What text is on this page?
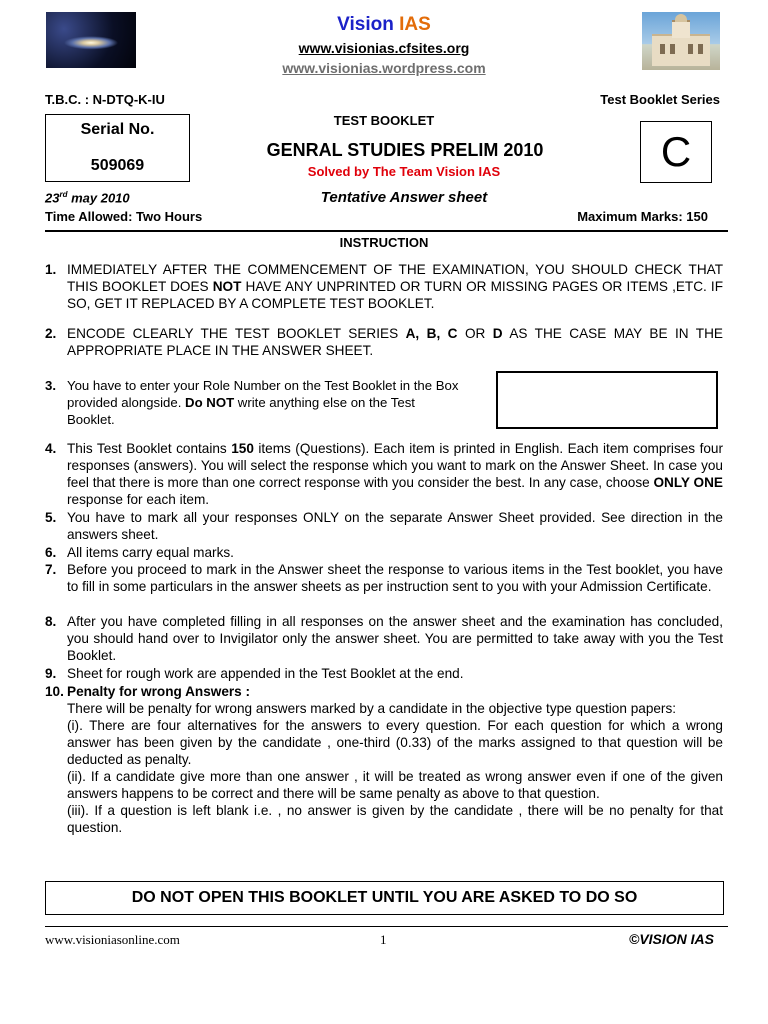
Vision IAS
www.visionias.cfsites.org
www.visionias.wordpress.com
T.B.C. : N-DTQ-K-IU	Test Booklet Series
Serial No.
509069
TEST BOOKLET
GENRAL STUDIES PRELIM 2010
Solved by The Team Vision IAS
Tentative Answer sheet
C
23rd may 2010
Time Allowed: Two Hours	Maximum Marks: 150
INSTRUCTION
1. IMMEDIATELY AFTER THE COMMENCEMENT OF THE EXAMINATION, YOU SHOULD CHECK THAT THIS BOOKLET DOES NOT HAVE ANY UNPRINTED OR TURN OR MISSING PAGES OR ITEMS ,ETC. IF SO, GET IT REPLACED BY A COMPLETE TEST BOOKLET.
2. ENCODE CLEARLY THE TEST BOOKLET SERIES A, B, C OR D AS THE CASE MAY BE IN THE APPROPRIATE PLACE IN THE ANSWER SHEET.
3. You have to enter your Role Number on the Test Booklet in the Box provided alongside. Do NOT write anything else on the Test Booklet.
4. This Test Booklet contains 150 items (Questions). Each item is printed in English. Each item comprises four responses (answers). You will select the response which you want to mark on the Answer Sheet. In case you feel that there is more than one correct response with you consider the best. In any case, choose ONLY ONE response for each item.
5. You have to mark all your responses ONLY on the separate Answer Sheet provided. See direction in the answers sheet.
6. All items carry equal marks.
7. Before you proceed to mark in the Answer sheet the response to various items in the Test booklet, you have to fill in some particulars in the answer sheets as per instruction sent to you with your Admission Certificate.
8. After you have completed filling in all responses on the answer sheet and the examination has concluded, you should hand over to Invigilator only the answer sheet. You are permitted to take away with you the Test Booklet.
9. Sheet for rough work are appended in the Test Booklet at the end.
10. Penalty for wrong Answers :

There will be penalty for wrong answers marked by a candidate in the objective type question papers:

(i). There are four alternatives for the answers to every question. For each question for which a wrong answer has been given by the candidate , one-third (0.33) of the marks assigned to that question will be deducted as penalty.

(ii). If a candidate give more than one answer , it will be treated as wrong answer even if one of the given answers happens to be correct and there will be same penalty as above to that question.

(iii). If a question is left blank i.e. , no answer is given by the candidate , there will be no penalty for that question.

DO NOT OPEN THIS BOOKLET UNTIL YOU ARE ASKED TO DO SO
www.visionias‌online.com	1	©VISION IAS
